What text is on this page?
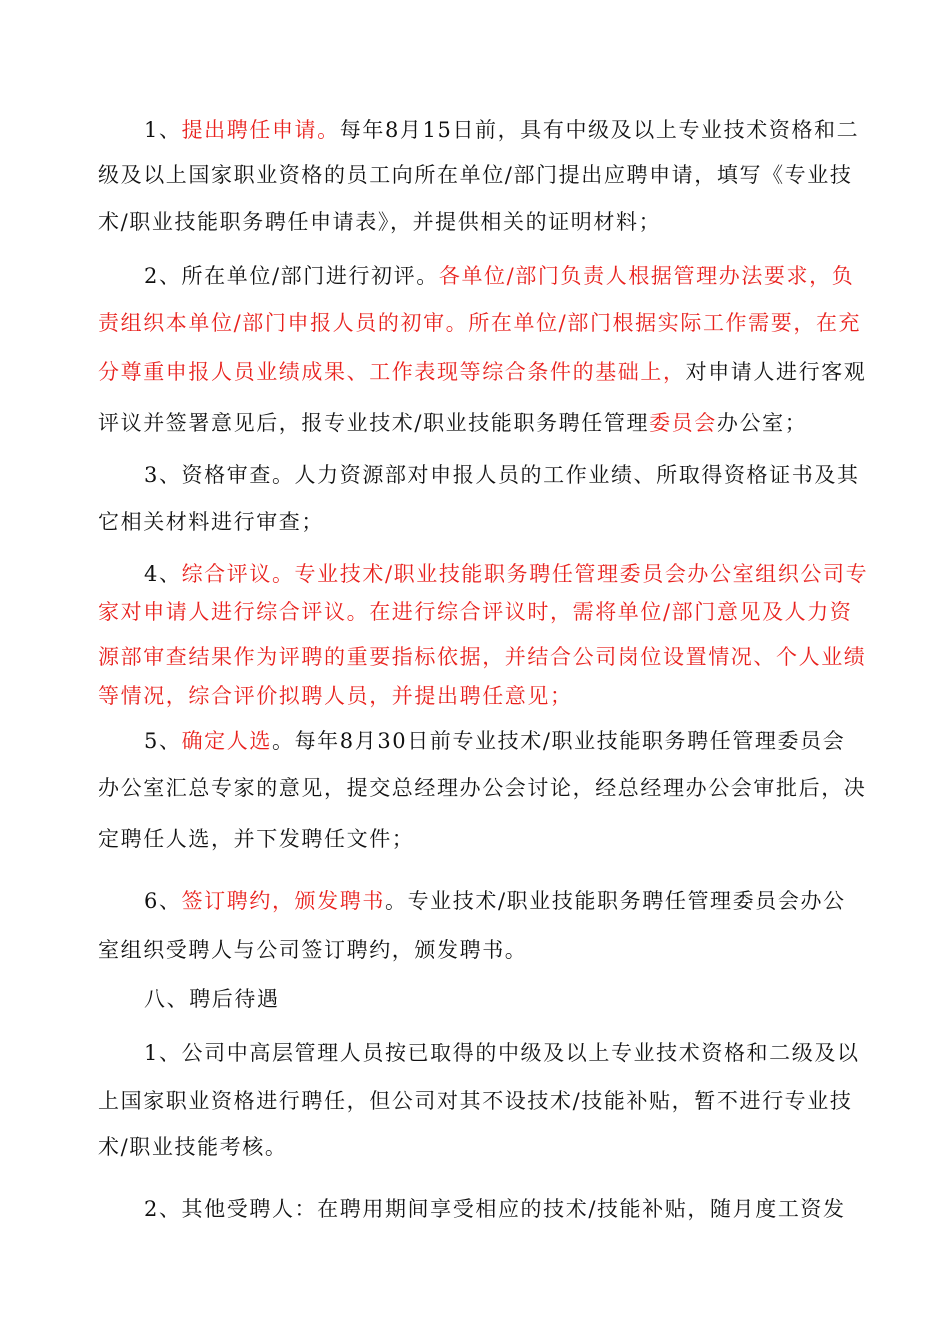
1、提出聘任申请。每年8月15日前，具有中级及以上专业技术资格和二
级及以上国家职业资格的员工向所在单位/部门提出应聘申请，填写《专业技
术/职业技能职务聘任申请表》，并提供相关的证明材料；
2、所在单位/部门进行初评。各单位/部门负责人根据管理办法要求，负
责组织本单位/部门申报人员的初审。所在单位/部门根据实际工作需要，在充
分尊重申报人员业绩成果、工作表现等综合条件的基础上，对申请人进行客观
评议并签署意见后，报专业技术/职业技能职务聘任管理委员会办公室；
3、资格审查。人力资源部对申报人员的工作业绩、所取得资格证书及其
它相关材料进行审查；
4、综合评议。专业技术/职业技能职务聘任管理委员会办公室组织公司专
家对申请人进行综合评议。在进行综合评议时，需将单位/部门意见及人力资
源部审查结果作为评聘的重要指标依据，并结合公司岗位设置情况、个人业绩
等情况，综合评价拟聘人员，并提出聘任意见；
5、确定人选。每年8月30日前专业技术/职业技能职务聘任管理委员会
办公室汇总专家的意见，提交总经理办公会讨论，经总经理办公会审批后，决
定聘任人选，并下发聘任文件；
6、签订聘约，颁发聘书。专业技术/职业技能职务聘任管理委员会办公
室组织受聘人与公司签订聘约，颁发聘书。
八、聘后待遇
1、公司中高层管理人员按已取得的中级及以上专业技术资格和二级及以
上国家职业资格进行聘任，但公司对其不设技术/技能补贴，暂不进行专业技
术/职业技能考核。
2、其他受聘人：在聘用期间享受相应的技术/技能补贴，随月度工资发
